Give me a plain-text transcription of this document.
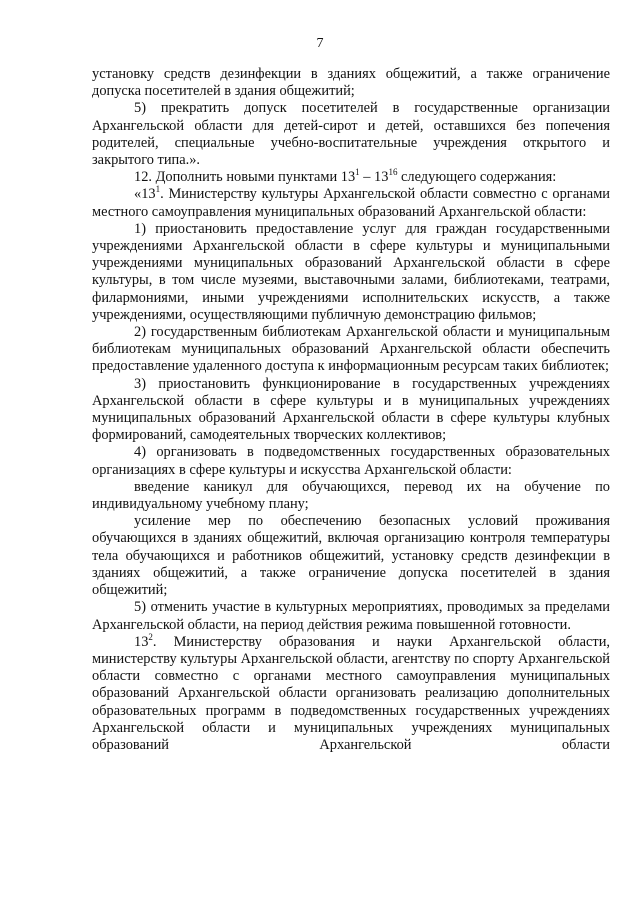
7

установку средств дезинфекции в зданиях общежитий, а также ограничение допуска посетителей в здания общежитий;

5) прекратить допуск посетителей в государственные организации Архангельской области для детей-сирот и детей, оставшихся без попечения родителей, специальные учебно-воспитательные учреждения открытого и закрытого типа.».

12. Дополнить новыми пунктами $13^1 - 13^{16}$ следующего содержания:

«$13^1$. Министерству культуры Архангельской области совместно с органами местного самоуправления муниципальных образований Архангельской области:

1) приостановить предоставление услуг для граждан государственными учреждениями Архангельской области в сфере культуры и муниципальными учреждениями муниципальных образований Архангельской области в сфере культуры, в том числе музеями, выставочными залами, библиотеками, театрами, филармониями, иными учреждениями исполнительских искусств, а также учреждениями, осуществляющими публичную демонстрацию фильмов;

2) государственным библиотекам Архангельской области и муниципальным библиотекам муниципальных образований Архангельской области обеспечить предоставление удаленного доступа к информационным ресурсам таких библиотек;

3) приостановить функционирование в государственных учреждениях Архангельской области в сфере культуры и в муниципальных учреждениях муниципальных образований Архангельской области в сфере культуры клубных формирований, самодеятельных творческих коллективов;

4) организовать в подведомственных государственных образовательных организациях в сфере культуры и искусства Архангельской области:

введение каникул для обучающихся, перевод их на обучение по индивидуальному учебному плану;

усиление мер по обеспечению безопасных условий проживания обучающихся в зданиях общежитий, включая организацию контроля температуры тела обучающихся и работников общежитий, установку средств дезинфекции в зданиях общежитий, а также ограничение допуска посетителей в здания общежитий;

5) отменить участие в культурных мероприятиях, проводимых за пределами Архангельской области, на период действия режима повышенной готовности.

$13^2$. Министерству образования и науки Архангельской области, министерству культуры Архангельской области, агентству по спорту Архангельской области совместно с органами местного самоуправления муниципальных образований Архангельской области организовать реализацию дополнительных образовательных программ в подведомственных государственных учреждениях Архангельской области и муниципальных учреждениях муниципальных образований Архангельской области
